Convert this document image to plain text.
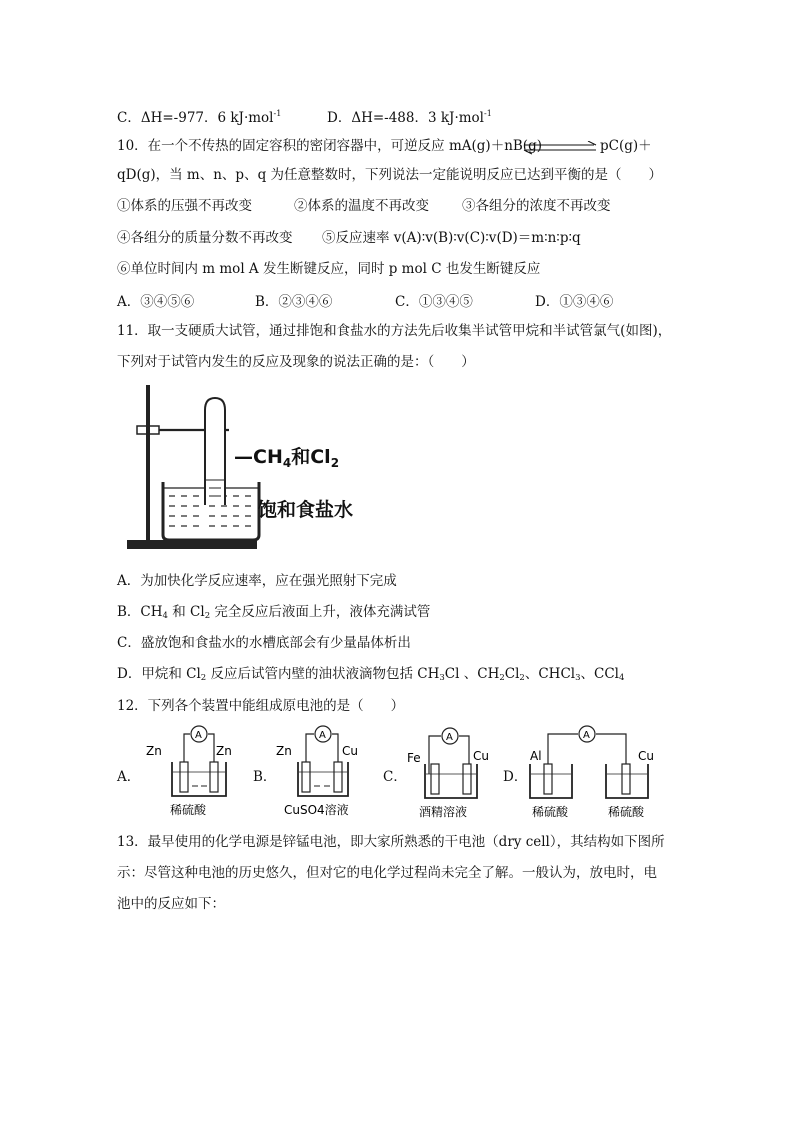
C．ΔH=-977．6 kJ·mol$^{-1}$	D．ΔH=-488．3 kJ·mol$^{-1}$
10．在一个不传热的固定容积的密闭容器中，可逆反应 mA(g)＋nB(g)	pC(g)＋
qD(g)，当 m、n、p、q 为任意整数时，下列说法一定能说明反应已达到平衡的是（　　）
①体系的压强不再改变	②体系的温度不再改变 ③各组分的浓度不再改变
④各组分的质量分数不再改变 ⑤反应速率 v(A)∶v(B)∶v(C)∶v(D)＝m∶n∶p∶q
⑥单位时间内 m mol A 发生断键反应，同时 p mol C 也发生断键反应
A．③④⑤⑥	B．②③④⑥	C．①③④⑤	D．①③④⑥
11．取一支硬质大试管，通过排饱和食盐水的方法先后收集半试管甲烷和半试管氯气(如图)，
下列对于试管内发生的反应及现象的说法正确的是：（　　）
$—CH_4$和$Cl_2$
饱和食盐水
A．为加快化学反应速率，应在强光照射下完成
B．$CH_4$ 和 $Cl_2$ 完全反应后液面上升，液体充满试管
C．盛放饱和食盐水的水槽底部会有少量晶体析出
D．甲烷和 $Cl_2$ 反应后试管内壁的油状液滴物包括 $CH_3Cl$ 、$CH_2Cl_2$、CHCl$_3$、CCl$_4$
12．下列各个装置中能组成原电池的是（　　）
A．
Zn	Zn
A
稀硫酸
B．
Zn	Cu
A
CuSO4溶液
C．
Fe	Cu
A
酒精溶液
D．
Al	Cu
A
稀硫酸	稀硫酸
13．最早使用的化学电源是锌锰电池，即大家所熟悉的干电池（dry cell），其结构如下图所
示：尽管这种电池的历史悠久，但对它的电化学过程尚未完全了解。一般认为，放电时，电
池中的反应如下：
